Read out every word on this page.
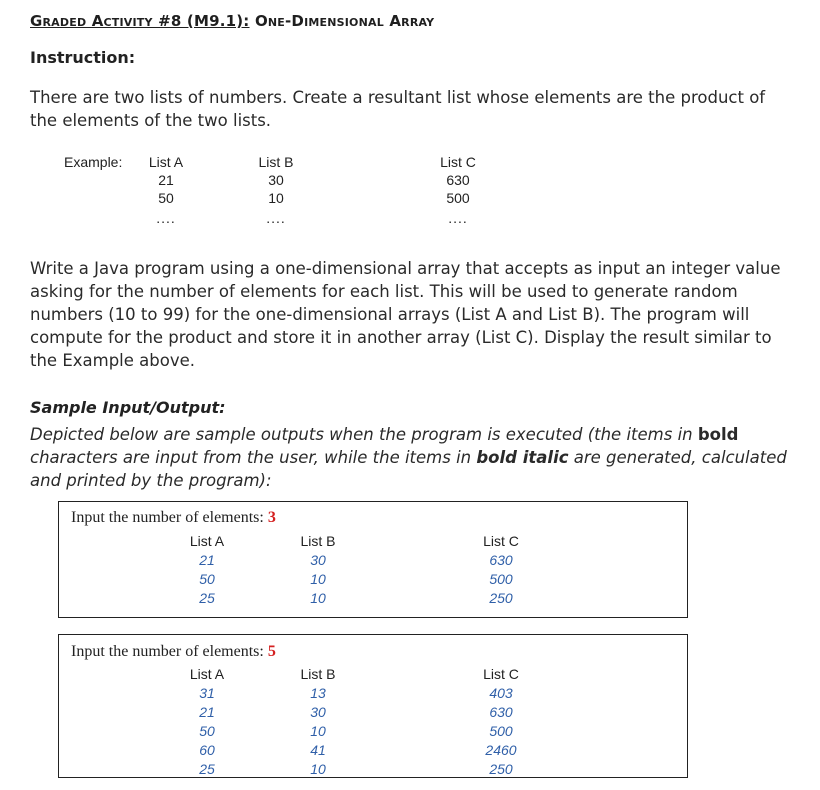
Graded Activity #8 (M9.1): One-Dimensional Array
Instruction:
There are two lists of numbers. Create a resultant list whose elements are the product of the elements of the two lists.
Example:	List A
21
50
....
List B
30
10
....
List C
630
500
....
Write a Java program using a one-dimensional array that accepts as input an integer value asking for the number of elements for each list. This will be used to generate random numbers (10 to 99) for the one-dimensional arrays (List A and List B). The program will compute for the product and store it in another array (List C). Display the result similar to the Example above.
Sample Input/Output:
Depicted below are sample outputs when the program is executed (the items in bold characters are input from the user, while the items in bold italic are generated, calculated and printed by the program):
Input the number of elements: 3
List A
21
50
25
List B
30
10
10
List C
630
500
250
Input the number of elements: 5
List A
31
21
50
60
25
List B
13
30
10
41
10
List C
403
630
500
2460
250
